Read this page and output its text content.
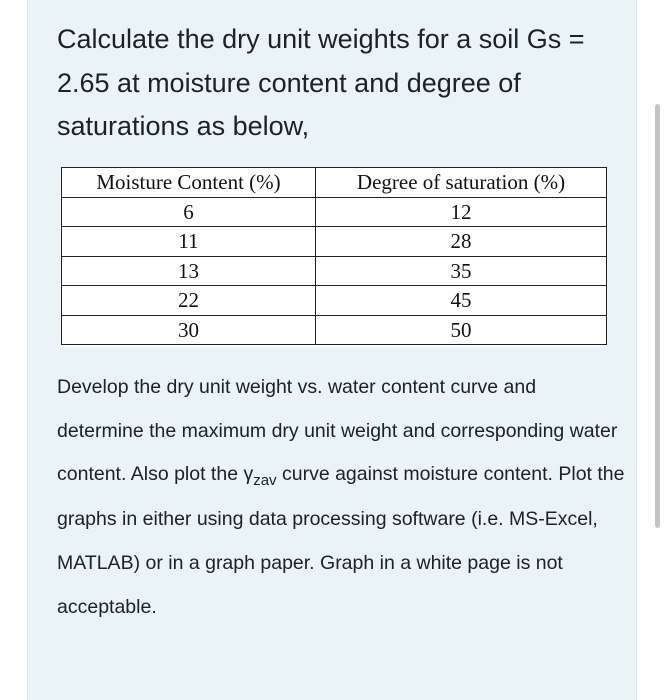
Calculate the dry unit weights for a soil Gs = 2.65 at moisture content and degree of saturations as below,

Moisture Content (%)	Degree of saturation (%)
6	12
11	28
13	35
22	45
30	50

Develop the dry unit weight vs. water content curve and determine the maximum dry unit weight and corresponding water content. Also plot the $\gamma_{zav}$ curve against moisture content. Plot the graphs in either using data processing software (i.e. MS-Excel, MATLAB) or in a graph paper. Graph in a white page is not acceptable.
